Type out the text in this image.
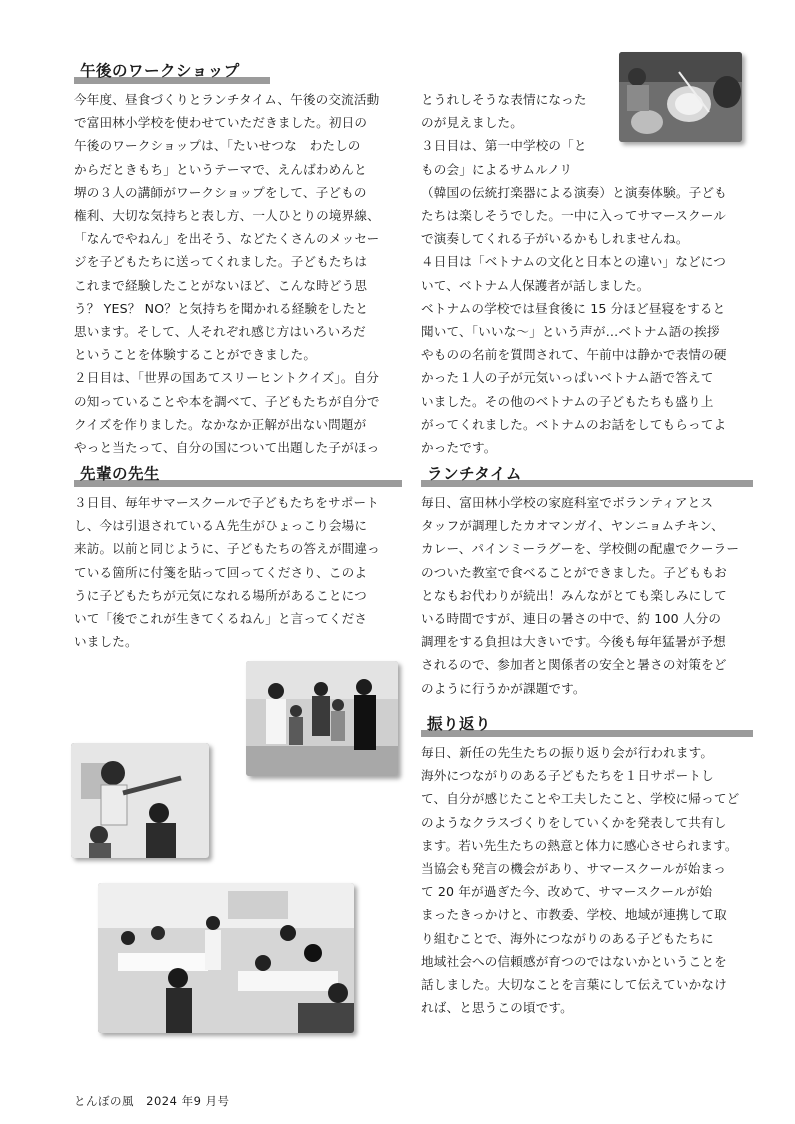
午後のワークショップ
今年度、昼食づくりとランチタイム、午後の交流活動
で富田林小学校を使わせていただきました。初日の
午後のワークショップは、「たいせつな　わたしの
からだときもち」というテーマで、えんばわめんと
堺の３人の講師がワークショップをして、子どもの
権利、大切な気持ちと表し方、一人ひとりの境界線、
「なんでやねん」を出そう、などたくさんのメッセー
ジを子どもたちに送ってくれました。子どもたちは
これまで経験したことがないほど、こんな時どう思
う？ YES？ NO？と気持ちを聞かれる経験をしたと
思います。そして、人それぞれ感じ方はいろいろだ
ということを体験することができました。
２日目は、「世界の国あてスリーヒントクイズ」。自分
の知っていることや本を調べて、子どもたちが自分で
クイズを作りました。なかなか正解が出ない問題が
やっと当たって、自分の国について出題した子がほっ
とうれしそうな表情になった
のが見えました。
３日目は、第一中学校の「と
もの会」によるサムルノリ
（韓国の伝統打楽器による演奏）と演奏体験。子ども
たちは楽しそうでした。一中に入ってサマースクール
で演奏してくれる子がいるかもしれませんね。
４日目は「ベトナムの文化と日本との違い」などにつ
いて、ベトナム人保護者が話しました。
ベトナムの学校では昼食後に 15 分ほど昼寝をすると
聞いて、「いいな～」という声が…ベトナム語の挨拶
やものの名前を質問されて、午前中は静かで表情の硬
かった１人の子が元気いっぱいベトナム語で答えて
いました。その他のベトナムの子どもたちも盛り上
がってくれました。ベトナムのお話をしてもらってよ
かったです。
先輩の先生
３日目、毎年サマースクールで子どもたちをサポート
し、今は引退されているＡ先生がひょっこり会場に
来訪。以前と同じように、子どもたちの答えが間違っ
ている箇所に付箋を貼って回ってくださり、このよ
うに子どもたちが元気になれる場所があることにつ
いて「後でこれが生きてくるねん」と言ってくださ
いました。
ランチタイム
毎日、富田林小学校の家庭科室でボランティアとス
タッフが調理したカオマンガイ、ヤンニョムチキン、
カレー、パインミーラグーを、学校側の配慮でクーラー
のついた教室で食べることができました。子どももお
となもお代わりが続出！みんながとても楽しみにして
いる時間ですが、連日の暑さの中で、約 100 人分の
調理をする負担は大きいです。今後も毎年猛暑が予想
されるので、参加者と関係者の安全と暑さの対策をど
のように行うかが課題です。
振り返り
毎日、新任の先生たちの振り返り会が行われます。
海外につながりのある子どもたちを１日サポートし
て、自分が感じたことや工夫したこと、学校に帰ってど
のようなクラスづくりをしていくかを発表して共有し
ます。若い先生たちの熱意と体力に感心させられます。
当協会も発言の機会があり、サマースクールが始まっ
て 20 年が過ぎた今、改めて、サマースクールが始
まったきっかけと、市教委、学校、地域が連携して取
り組むことで、海外につながりのある子どもたちに
地域社会への信頼感が育つのではないかということを
話しました。大切なことを言葉にして伝えていかなけ
れば、と思うこの頃です。
とんぼの風 2024 年9 月号
